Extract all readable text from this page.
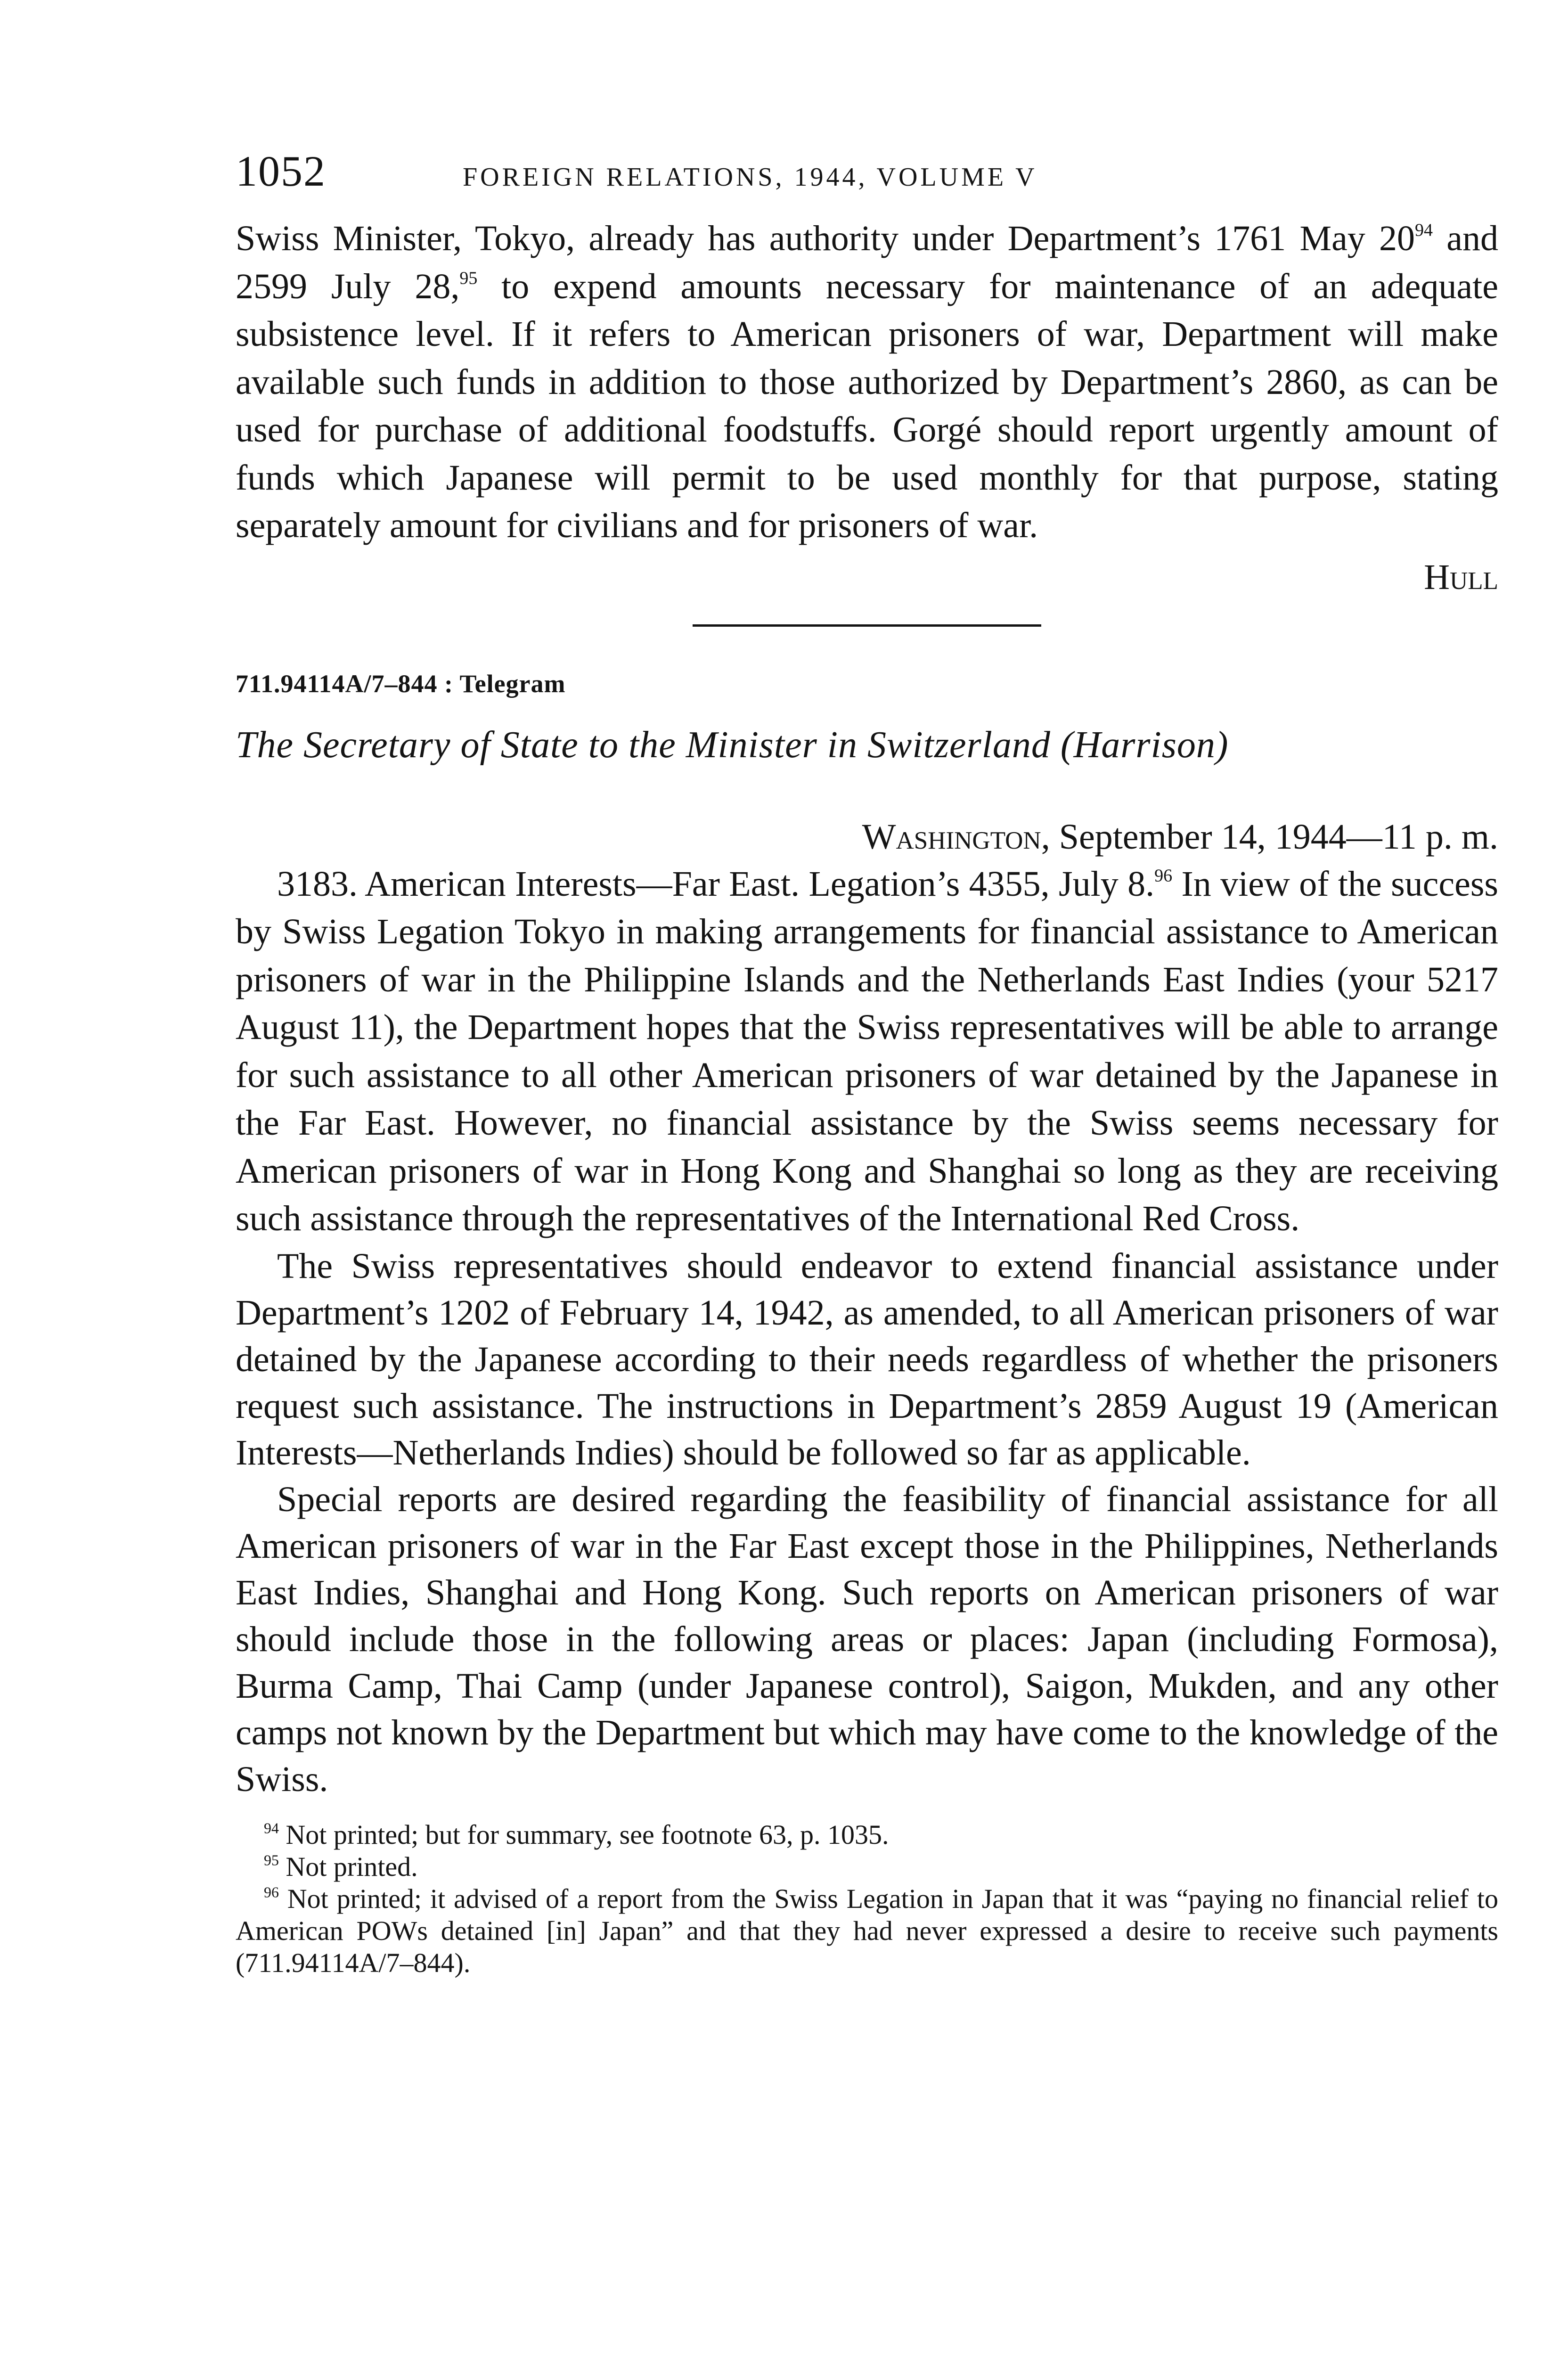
1052	FOREIGN RELATIONS, 1944, VOLUME V

Swiss Minister, Tokyo, already has authority under Department’s 1761 May $20^{94}$ and 2599 July 28,95 to expend amounts necessary for maintenance of an adequate subsistence level. If it refers to American prisoners of war, Department will make available such funds in addition to those authorized by Department’s 2860, as can be used for purchase of additional foodstuffs. Gorgé should report urgently amount of funds which Japanese will permit to be used monthly for that purpose, stating separately amount for civilians and for prisoners of war.

Hull
711.94114A/7–844 : Telegram
The Secretary of State to the Minister in Switzerland (Harrison)
Washington, September 14, 1944—11 p. m.

3183. American Interests—Far East. Legation’s 4355, July 8.96 In view of the success by Swiss Legation Tokyo in making arrangements for financial assistance to American prisoners of war in the Philippine Islands and the Netherlands East Indies (your 5217 August 11), the Department hopes that the Swiss representatives will be able to arrange for such assistance to all other American prisoners of war detained by the Japanese in the Far East. However, no financial assistance by the Swiss seems necessary for American prisoners of war in Hong Kong and Shanghai so long as they are receiving such assistance through the representatives of the International Red Cross.

The Swiss representatives should endeavor to extend financial assistance under Department’s 1202 of February 14, 1942, as amended, to all American prisoners of war detained by the Japanese according to their needs regardless of whether the prisoners request such assistance. The instructions in Department’s 2859 August 19 (American Interests—Netherlands Indies) should be followed so far as applicable.

Special reports are desired regarding the feasibility of financial assistance for all American prisoners of war in the Far East except those in the Philippines, Netherlands East Indies, Shanghai and Hong Kong. Such reports on American prisoners of war should include those in the following areas or places: Japan (including Formosa), Burma Camp, Thai Camp (under Japanese control), Saigon, Mukden, and any other camps not known by the Department but which may have come to the knowledge of the Swiss.

$^{94}$ Not printed; but for summary, see footnote 63, p. 1035.

$^{95}$ Not printed.

$^{96}$ Not printed; it advised of a report from the Swiss Legation in Japan that it was “paying no financial relief to American POWs detained [in] Japan” and that they had never expressed a desire to receive such payments (711.94114A/7–844).
